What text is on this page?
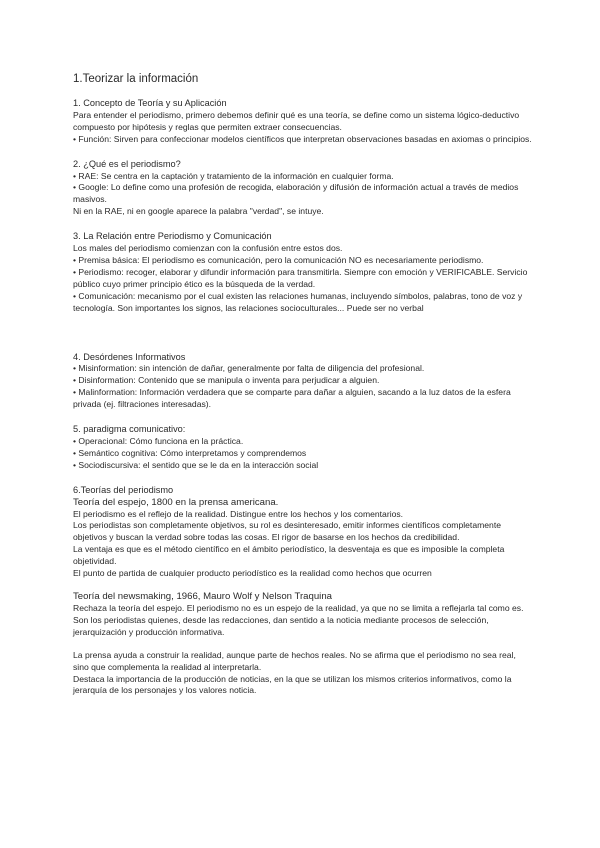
1.Teorizar la información

1. Concepto de Teoría y su Aplicación

Para entender el periodismo, primero debemos definir qué es una teoría, se define como un sistema lógico-deductivo compuesto por hipótesis y reglas que permiten extraer consecuencias.

• Función: Sirven para confeccionar modelos científicos que interpretan observaciones basadas en axiomas o principios.

2. ¿Qué es el periodismo?

• RAE: Se centra en la captación y tratamiento de la información en cualquier forma.

• Google: Lo define como una profesión de recogida, elaboración y difusión de información actual a través de medios masivos.

Ni en la RAE, ni en google aparece la palabra "verdad", se intuye.

3. La Relación entre Periodismo y Comunicación

Los males del periodismo comienzan con la confusión entre estos dos.

• Premisa básica: El periodismo es comunicación, pero la comunicación NO es necesariamente periodismo.

• Periodismo: recoger, elaborar y difundir información para transmitirla. Siempre con emoción y VERIFICABLE. Servicio público cuyo primer principio ético es la búsqueda de la verdad.

• Comunicación: mecanismo por el cual existen las relaciones humanas, incluyendo símbolos, palabras, tono de voz y tecnología. Son importantes los signos, las relaciones socioculturales... Puede ser no verbal

4. Desórdenes Informativos

• Misinformation: sin intención de dañar, generalmente por falta de diligencia del profesional.

• Disinformation: Contenido que se manipula o inventa para perjudicar a alguien.

• Malinformation: Información verdadera que se comparte para dañar a alguien, sacando a la luz datos de la esfera privada (ej. filtraciones interesadas).

5. paradigma comunicativo:

• Operacional: Cómo funciona en la práctica.

• Semántico cognitiva: Cómo interpretamos y comprendemos

• Sociodiscursiva: el sentido que se le da en la interacción social

6.Teorías del periodismo

Teoría del espejo, 1800 en la prensa americana.

El periodismo es el reflejo de la realidad. Distingue entre los hechos y los comentarios.

Los periodistas son completamente objetivos, su rol es desinteresado, emitir informes científicos completamente objetivos y buscan la verdad sobre todas las cosas. El rigor de basarse en los hechos da credibilidad.

La ventaja es que es el método científico en el ámbito periodístico, la desventaja es que es imposible la completa objetividad.

El punto de partida de cualquier producto periodístico es la realidad como hechos que ocurren

Teoría del newsmaking, 1966, Mauro Wolf y Nelson Traquina

Rechaza la teoría del espejo. El periodismo no es un espejo de la realidad, ya que no se limita a reflejarla tal como es. Son los periodistas quienes, desde las redacciones, dan sentido a la noticia mediante procesos de selección, jerarquización y producción informativa.

La prensa ayuda a construir la realidad, aunque parte de hechos reales. No se afirma que el periodismo no sea real, sino que complementa la realidad al interpretarla.

Destaca la importancia de la producción de noticias, en la que se utilizan los mismos criterios informativos, como la jerarquía de los personajes y los valores noticia.
